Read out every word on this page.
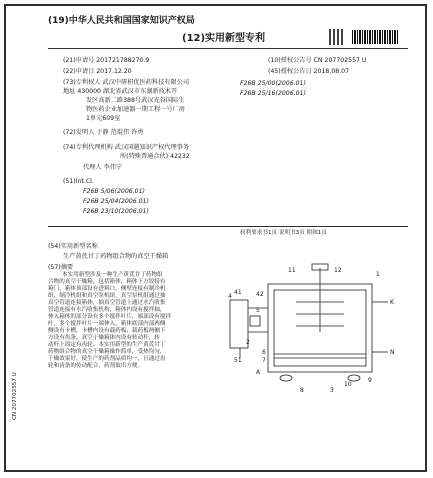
(19)中华人民共和国国家知识产权局
(12)实用新型专利
(21)申请号 201721788270.9
(22)申请日 2017.12.20
(73)专利权人 武汉中研积优医药科技有限公司
地址 430000 湖北省武汉市东湖新技术开
发区高新二路388号武汉光谷国际生
物医药企业加速器一期工程一号厂房
1单元609室
(72)发明人 于静 范琨伟 许勇
(74)专利代理机构 武汉国越知识产权代理事务
所(特殊普通合伙) 42232
代理人 李伟宁
(51)Int.Cl.
F26B 5/06(2006.01)
F26B 25/04(2006.01)
F26B 23/10(2006.01)
(10)授权公告号 CN 207702557 U
(45)授权公告日 2018.08.07
F26B 25/00(2006.01)
F26B 25/16(2006.01)
权利要求书1页 说明书3页 附图1页
(54)实用新型名称
生产黄芪甘丁药物组合物的真空干燥箱
(57)摘要
本实用新型涉及一种生产黄芪甘丁药物组
合物的真空干燥箱，包括箱体，箱体下方铰接有
箱门，箱体顶部设有进料口，侧壁连接有制冷机
组，制冷机组和真空泵机组，真空泵机组通过抽
真空管道连接箱体，抽真空管道上通过水汽收集
管道连接有水汽收集机构；箱体内设有搅拌轴，
伸入箱体的部分设有多个搅拌叶片，端部设有搅拌
叶，多个搅拌叶片一端伸入，箱体底部内部两侧
侧设有卡槽，卡槽内设有载药板，载药板两侧下
方设有齿条，真空干燥箱体内设有转动杆，转
动杆上固定有齿轮。本实用新型的生产黄芪甘丁
药物组合物的真空干燥箱操作简单，受热均匀，
干燥效果好，使生产的药剂品质均一，且通过齿
轮和齿条的传动配合，药剂取出方便。
CN 207702557 U
11	12
1
41 42
4
5
51
2
6
7
K
N
A
8	3
10
9
